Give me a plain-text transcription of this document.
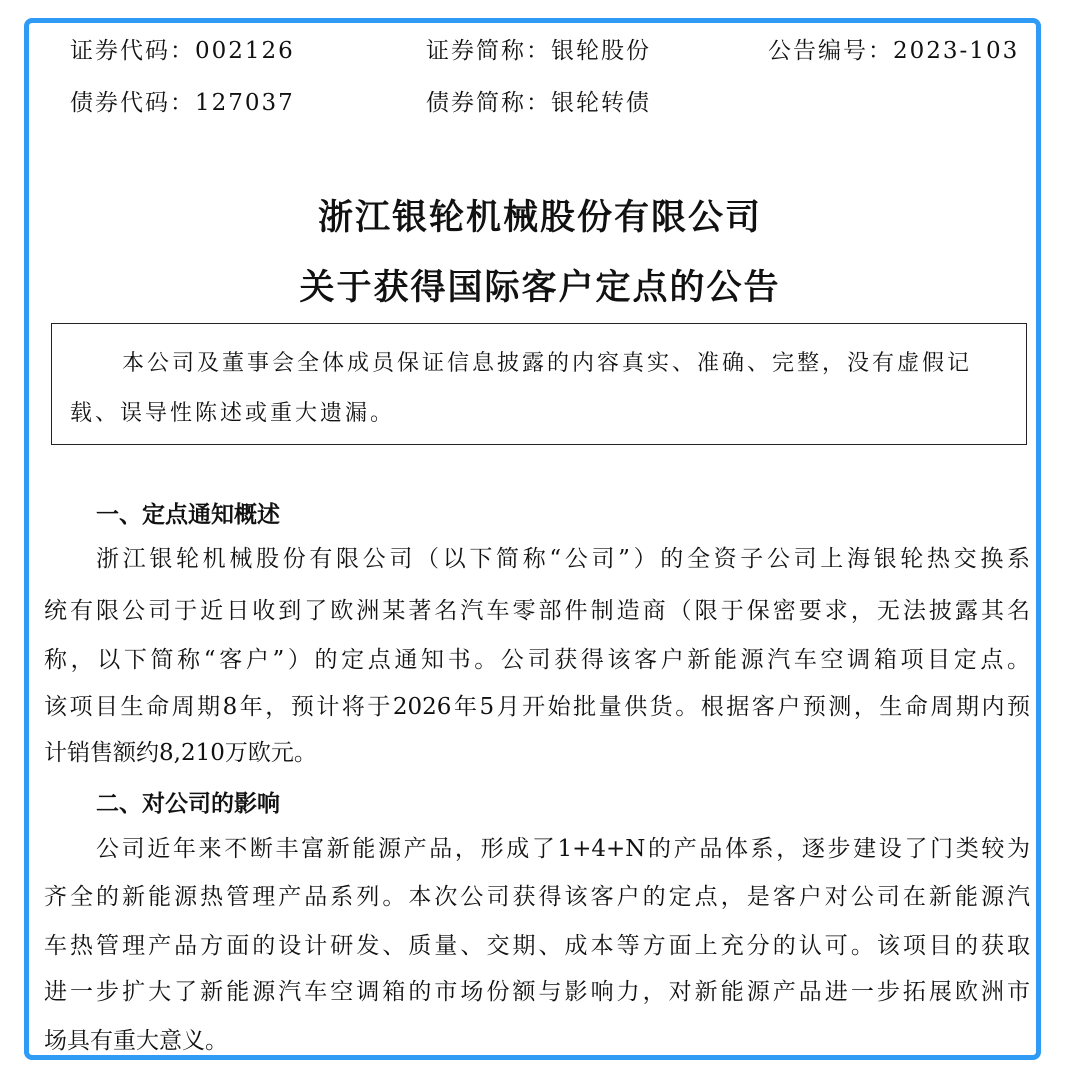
证券代码：002126	证券简称：银轮股份	公告编号：2023-103
债券代码：127037	债券简称：银轮转债
浙江银轮机械股份有限公司
关于获得国际客户定点的公告
本公司及董事会全体成员保证信息披露的内容真实、准确、完整，没有虚假记
载、误导性陈述或重大遗漏。
一、定点通知概述
浙江银轮机械股份有限公司（以下简称“公司”）的全资子公司上海银轮热交换系
统有限公司于近日收到了欧洲某著名汽车零部件制造商（限于保密要求，无法披露其名
称，以下简称“客户”）的定点通知书。公司获得该客户新能源汽车空调箱项目定点。
该项目生命周期8年，预计将于2026年5月开始批量供货。根据客户预测，生命周期内预
计销售额约8,210万欧元。
二、对公司的影响
公司近年来不断丰富新能源产品，形成了1+4+N的产品体系，逐步建设了门类较为
齐全的新能源热管理产品系列。本次公司获得该客户的定点，是客户对公司在新能源汽
车热管理产品方面的设计研发、质量、交期、成本等方面上充分的认可。该项目的获取
进一步扩大了新能源汽车空调箱的市场份额与影响力，对新能源产品进一步拓展欧洲市
场具有重大意义。
